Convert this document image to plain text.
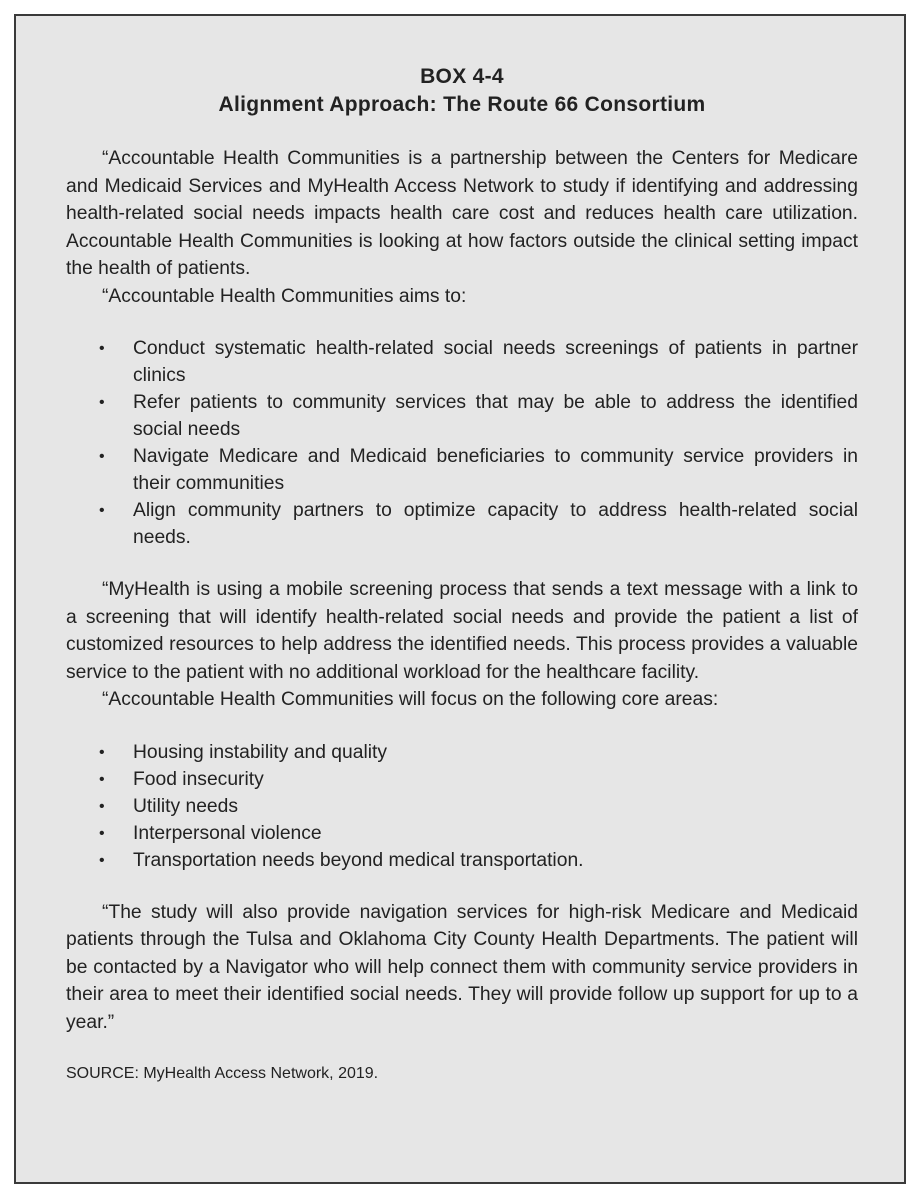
BOX 4-4

Alignment Approach: The Route 66 Consortium

“Accountable Health Communities is a partnership between the Centers for Medicare and Medicaid Services and MyHealth Access Network to study if identifying and addressing health-related social needs impacts health care cost and reduces health care utilization. Accountable Health Communities is looking at how factors outside the clinical setting impact the health of patients.

“Accountable Health Communities aims to:

• Conduct systematic health-related social needs screenings of patients in partner clinics
• Refer patients to community services that may be able to address the identified social needs
• Navigate Medicare and Medicaid beneficiaries to community service providers in their communities
• Align community partners to optimize capacity to address health-related social needs.

“MyHealth is using a mobile screening process that sends a text message with a link to a screening that will identify health-related social needs and provide the patient a list of customized resources to help address the identified needs. This process provides a valuable service to the patient with no additional workload for the healthcare facility.

“Accountable Health Communities will focus on the following core areas:

• Housing instability and quality
• Food insecurity
• Utility needs
• Interpersonal violence
• Transportation needs beyond medical transportation.

“The study will also provide navigation services for high-risk Medicare and Medicaid patients through the Tulsa and Oklahoma City County Health Departments. The patient will be contacted by a Navigator who will help connect them with community service providers in their area to meet their identified social needs. They will provide follow up support for up to a year.”

SOURCE: MyHealth Access Network, 2019.
